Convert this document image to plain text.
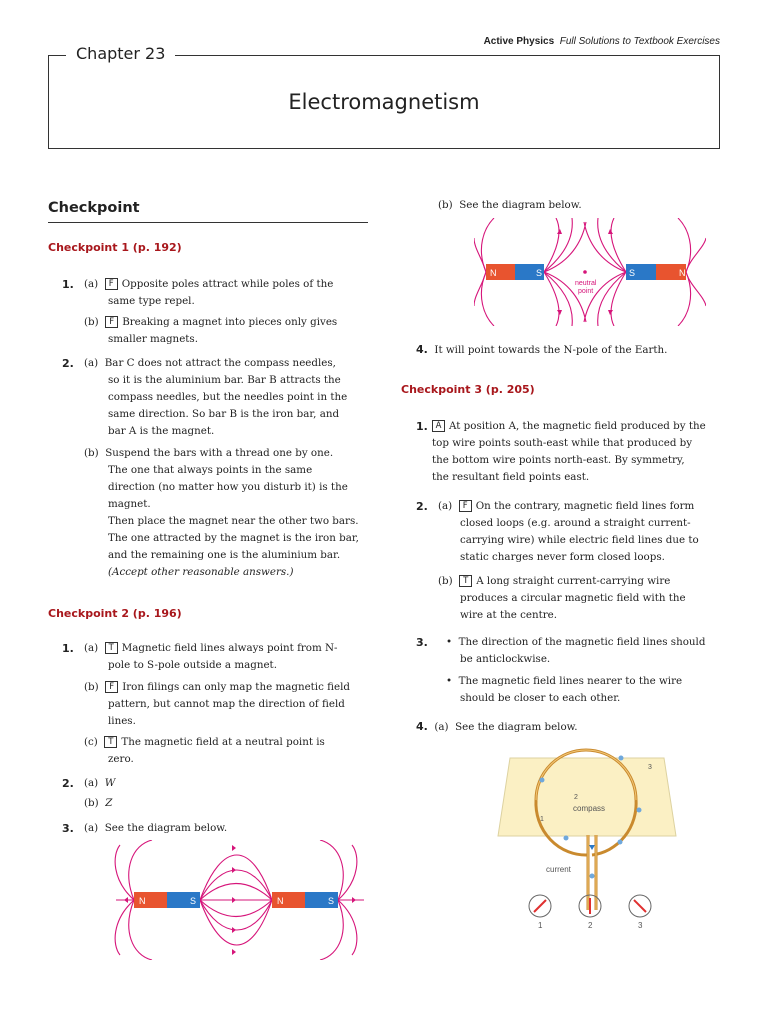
Active Physics Full Solutions to Textbook Exercises
Chapter 23
Electromagnetism
Checkpoint
Checkpoint 1 (p. 192)
1. (a) F Opposite poles attract while poles of the
same type repel.
(b) F Breaking a magnet into pieces only gives
smaller magnets.
2. (a) Bar C does not attract the compass needles,
so it is the aluminium bar. Bar B attracts the
compass needles, but the needles point in the
same direction. So bar B is the iron bar, and
bar A is the magnet.
(b) Suspend the bars with a thread one by one.
The one that always points in the same
direction (no matter how you disturb it) is the
magnet.
Then place the magnet near the other two bars.
The one attracted by the magnet is the iron bar,
and the remaining one is the aluminium bar.
(Accept other reasonable answers.)
Checkpoint 2 (p. 196)
1. (a) T Magnetic field lines always point from N-
pole to S-pole outside a magnet.
(b) F Iron filings can only map the magnetic field
pattern, but cannot map the direction of field
lines.
(c) T The magnetic field at a neutral point is
zero.
2. (a) W
(b) Z
3. (a) See the diagram below.
N	S	N	S
(b) See the diagram below.
N	S	S	N
neutral
point
4. It will point towards the N-pole of the Earth.
Checkpoint 3 (p. 205)
1. A At position A, the magnetic field produced by the
top wire points south-east while that produced by
the bottom wire points north-east. By symmetry,
the resultant field points east.
2. (a) F On the contrary, magnetic field lines form
closed loops (e.g. around a straight current-
carrying wire) while electric field lines due to
static charges never form closed loops.
(b) T A long straight current-carrying wire
produces a circular magnetic field with the
wire at the centre.
3. • The direction of the magnetic field lines should
be anticlockwise.
• The magnetic field lines nearer to the wire
should be closer to each other.
4. (a) See the diagram below.
compass
2
1
3
current
1	2	3
